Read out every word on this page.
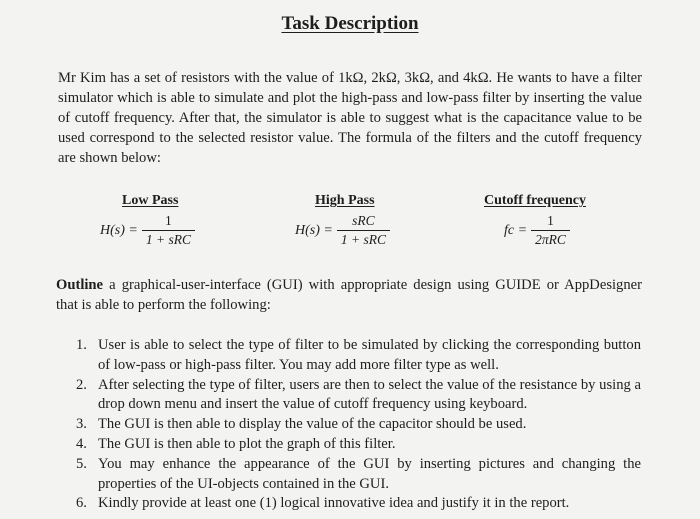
Task Description

Mr Kim has a set of resistors with the value of 1kΩ, 2kΩ, 3kΩ, and 4kΩ. He wants to have a filter simulator which is able to simulate and plot the high-pass and low-pass filter by inserting the value of cutoff frequency. After that, the simulator is able to suggest what is the capacitance value to be used correspond to the selected resistor value. The formula of the filters and the cutoff frequency are shown below:

Low Pass
$H(s) = \frac{1}{\text{1 + sRC}}$
High Pass
$H(s) = \frac{\text{sRC}}{\text{1 + sRC}}$
Cutoff frequency
fc = $\frac{1}{\text{2πRC}}$

Outline a graphical-user-interface (GUI) with appropriate design using GUIDE or AppDesigner that is able to perform the following:

1. User is able to select the type of filter to be simulated by clicking the corresponding button of low-pass or high-pass filter. You may add more filter type as well.
2. After selecting the type of filter, users are then to select the value of the resistance by using a drop down menu and insert the value of cutoff frequency using keyboard.
3. The GUI is then able to display the value of the capacitor should be used.
4. The GUI is then able to plot the graph of this filter.
5. You may enhance the appearance of the GUI by inserting pictures and changing the properties of the UI-objects contained in the GUI.
6. Kindly provide at least one (1) logical innovative idea and justify it in the report.
